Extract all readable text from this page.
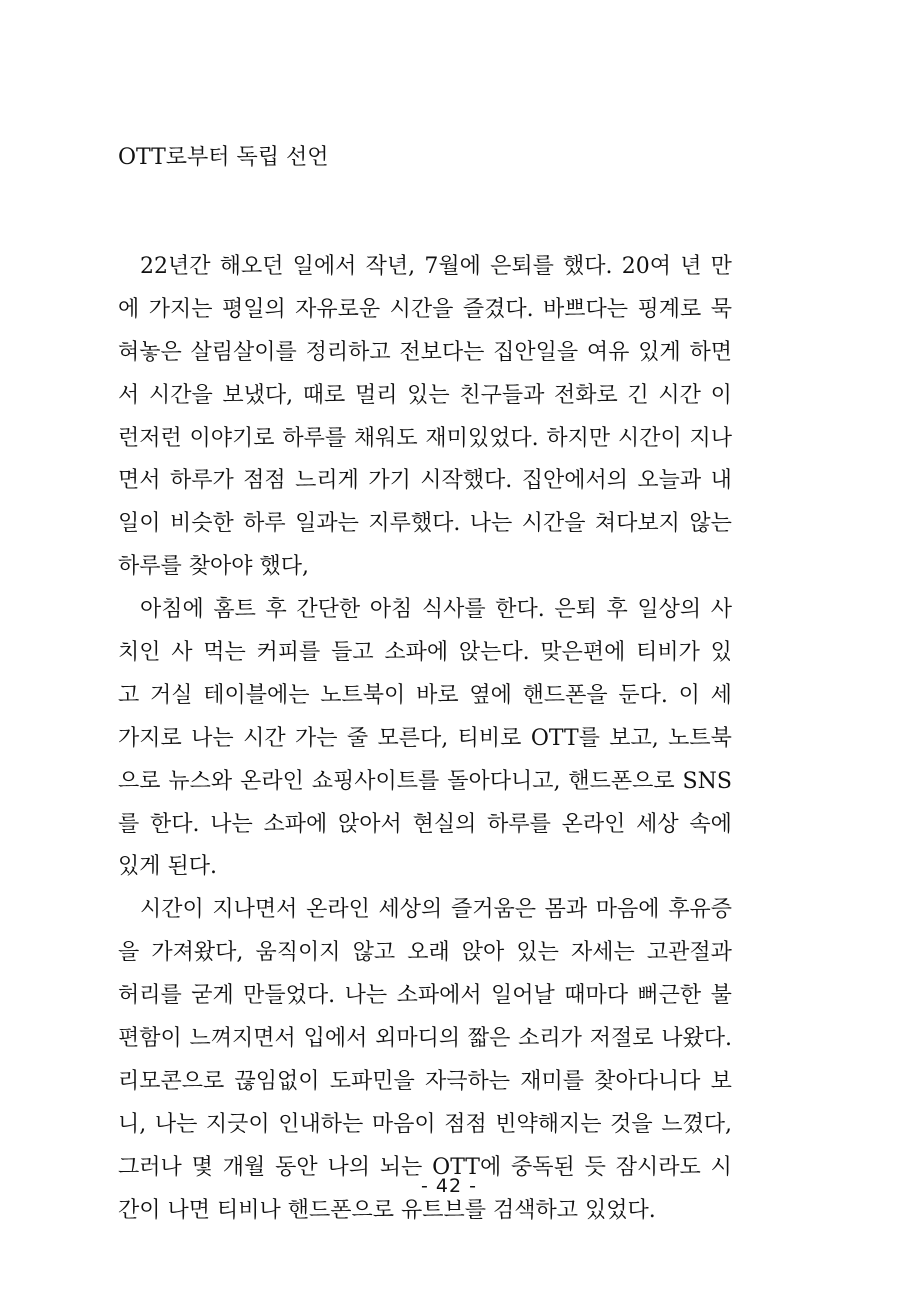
OTT로부터 독립 선언
22년간 해오던 일에서 작년, 7월에 은퇴를 했다. 20여 년 만
에 가지는 평일의 자유로운 시간을 즐겼다. 바쁘다는 핑계로 묵
혀놓은 살림살이를 정리하고 전보다는 집안일을 여유 있게 하면
서 시간을 보냈다, 때로 멀리 있는 친구들과 전화로 긴 시간 이
런저런 이야기로 하루를 채워도 재미있었다. 하지만 시간이 지나
면서 하루가 점점 느리게 가기 시작했다. 집안에서의 오늘과 내
일이 비슷한 하루 일과는 지루했다. 나는 시간을 쳐다보지 않는
하루를 찾아야 했다,
아침에 홈트 후 간단한 아침 식사를 한다. 은퇴 후 일상의 사
치인 사 먹는 커피를 들고 소파에 앉는다. 맞은편에 티비가 있
고 거실 테이블에는 노트북이 바로 옆에 핸드폰을 둔다. 이 세
가지로 나는 시간 가는 줄 모른다, 티비로 OTT를 보고, 노트북
으로 뉴스와 온라인 쇼핑사이트를 돌아다니고, 핸드폰으로 SNS
를 한다. 나는 소파에 앉아서 현실의 하루를 온라인 세상 속에
있게 된다.
시간이 지나면서 온라인 세상의 즐거움은 몸과 마음에 후유증
을 가져왔다, 움직이지 않고 오래 앉아 있는 자세는 고관절과
허리를 굳게 만들었다. 나는 소파에서 일어날 때마다 뻐근한 불
편함이 느껴지면서 입에서 외마디의 짧은 소리가 저절로 나왔다.
리모콘으로 끊임없이 도파민을 자극하는 재미를 찾아다니다 보
니, 나는 지긋이 인내하는 마음이 점점 빈약해지는 것을 느꼈다,
그러나 몇 개월 동안 나의 뇌는 OTT에 중독된 듯 잠시라도 시
간이 나면 티비나 핸드폰으로 유트브를 검색하고 있었다.
- 42 -
